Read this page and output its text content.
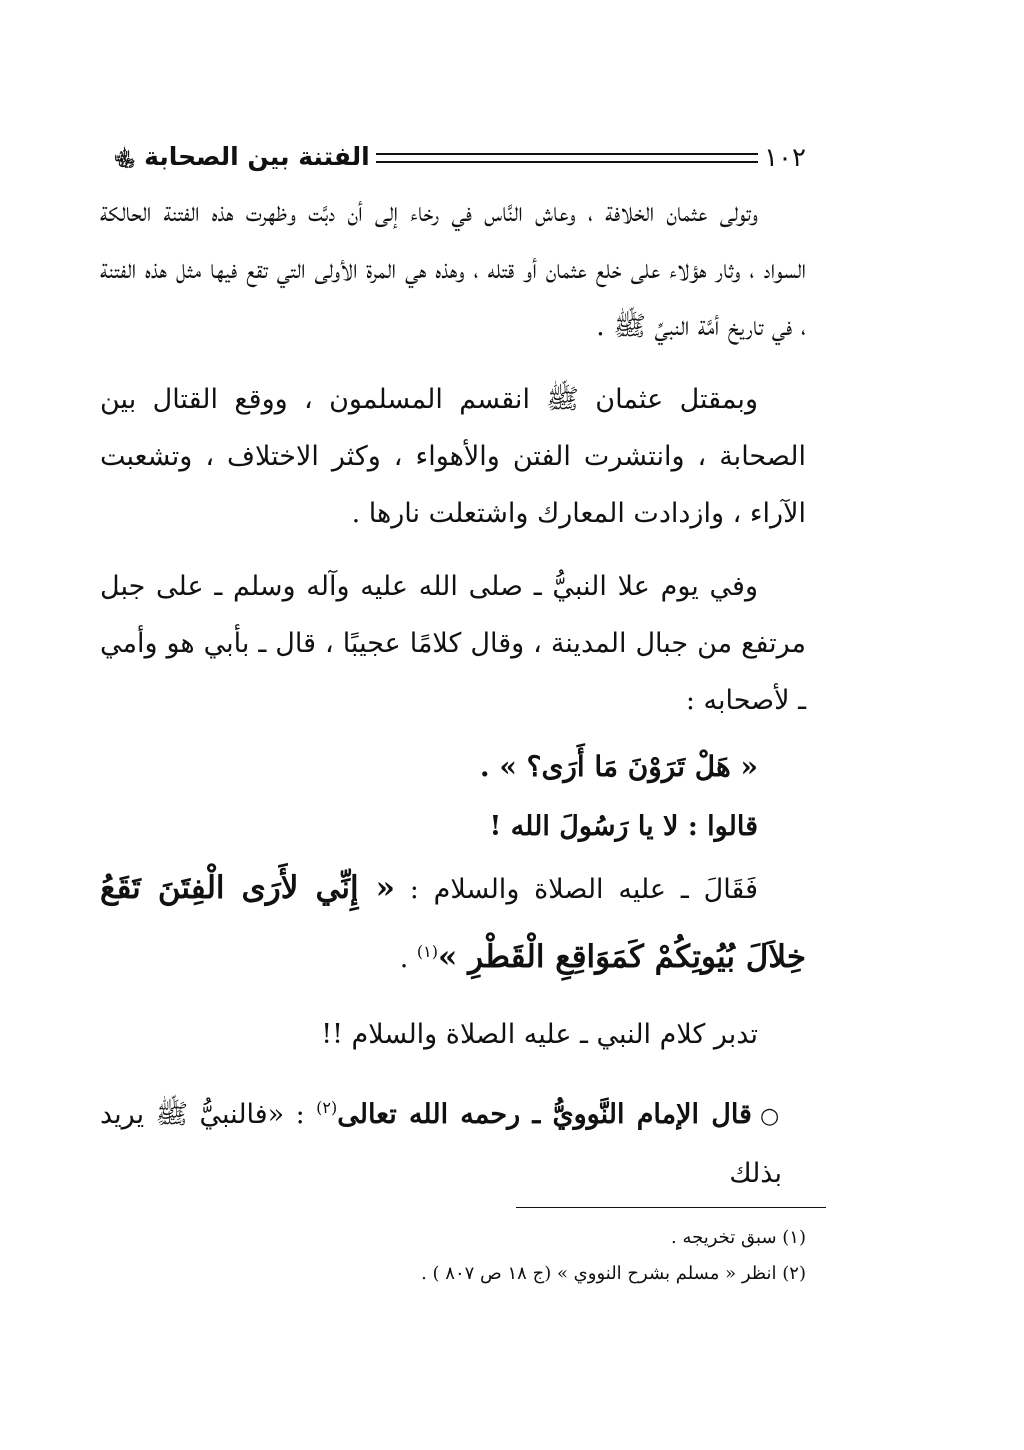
١٠٢
الفتنة بين الصحابة ﵄

وتولى عثمان الخلافة ، وعاش النَّاس في رخاء إلى أن دبَّت وظهرت هذه الفتنة الحالكة السواد ، وثار هؤلاء على خلع عثمان أو قتله ، وهذه هي المرة الأولى التي تقع فيها مثل هذه الفتنة ، في تاريخ أمَّة النبيِّ ﷺ .

وبمقتل عثمان ﷺ انقسم المسلمون ، ووقع القتال بين الصحابة ، وانتشرت الفتن والأهواء ، وكثر الاختلاف ، وتشعبت الآراء ، وازدادت المعارك واشتعلت نارها .

وفي يوم علا النبيُّ ـ صلى الله عليه وآله وسلم ـ على جبل مرتفع من جبال المدينة ، وقال كلامًا عجيبًا ، قال ـ بأبي هو وأمي ـ لأصحابه :

« هَلْ تَرَوْنَ مَا أَرَى؟ » .

قالوا : لا يا رَسُولَ الله !

فَقَالَ ـ عليه الصلاة والسلام : « إِنِّي لأَرَى الْفِتَنَ تَقَعُ خِلاَلَ بُيُوتِكُمْ كَمَوَاقِعِ الْقَطْرِ »$^{(١)}$ .

تدبر كلام النبي ـ عليه الصلاة والسلام !!

○قال الإمام النَّوويُّ ـ رحمه الله تعالى$^{(٢)}$ : «فالنبيُّ ﷺ يريد بذلك

(١) سبق تخريجه .
(٢) انظر « مسلم بشرح النووي » (ج ١٨ ص ٨٠٧ ) .
